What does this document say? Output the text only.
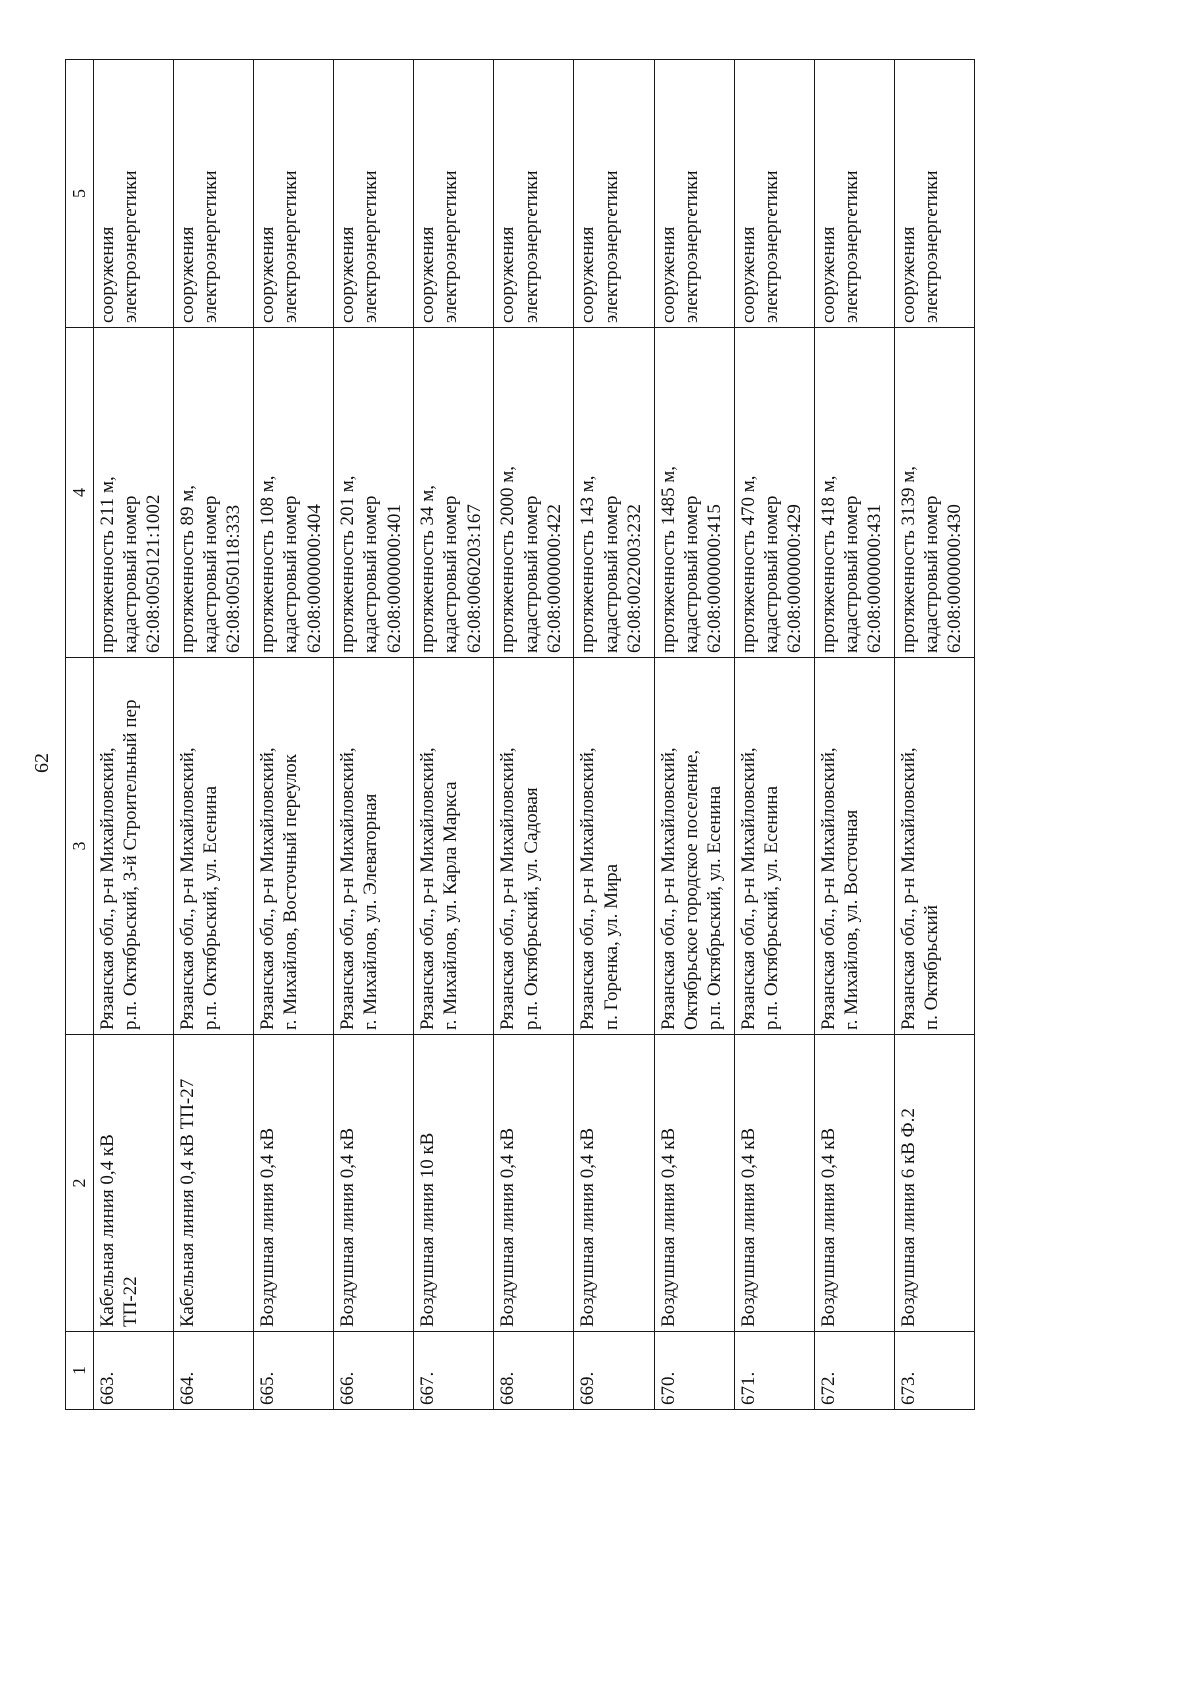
62
1	2	3	4	5
663.	Кабельная линия 0,4 кВ ТП-22	Рязанская обл., р-н Михайловский, р.п. Октябрьский, 3-й Строительный пер	протяженность 211 м, кадастровый номер 62:08:0050121:1002	сооружения электроэнергетики

664.	Кабельная линия 0,4 кВ ТП-27	Рязанская обл., р-н Михайловский, р.п. Октябрьский, ул. Есенина	протяженность 89 м, кадастровый номер 62:08:0050118:333	сооружения электроэнергетики

665.	Воздушная линия 0,4 кВ	Рязанская обл., р-н Михайловский, г. Михайлов, Восточный переулок	протяженность 108 м, кадастровый номер 62:08:0000000:404	сооружения электроэнергетики

666.	Воздушная линия 0,4 кВ	Рязанская обл., р-н Михайловский, г. Михайлов, ул. Элеваторная	протяженность 201 м, кадастровый номер 62:08:0000000:401	сооружения электроэнергетики

667.	Воздушная линия 10 кВ	Рязанская обл., р-н Михайловский, г. Михайлов, ул. Карла Маркса	протяженность 34 м, кадастровый номер 62:08:0060203:167	сооружения электроэнергетики

668.	Воздушная линия 0,4 кВ	Рязанская обл., р-н Михайловский, р.п. Октябрьский, ул. Садовая	протяженность 2000 м, кадастровый номер 62:08:0000000:422	сооружения электроэнергетики

669.	Воздушная линия 0,4 кВ	Рязанская обл., р-н Михайловский, п. Горенка, ул. Мира	протяженность 143 м, кадастровый номер 62:08:0022003:232	сооружения электроэнергетики

670.	Воздушная линия 0,4 кВ	Рязанская обл., р-н Михайловский, Октябрьское городское поселение, р.п. Октябрьский, ул. Есенина	протяженность 1485 м, кадастровый номер 62:08:0000000:415	сооружения электроэнергетики

671.	Воздушная линия 0,4 кВ	Рязанская обл., р-н Михайловский, р.п. Октябрьский, ул. Есенина	протяженность 470 м, кадастровый номер 62:08:0000000:429	сооружения электроэнергетики

672.	Воздушная линия 0,4 кВ	Рязанская обл., р-н Михайловский, г. Михайлов, ул. Восточная	протяженность 418 м, кадастровый номер 62:08:0000000:431	сооружения электроэнергетики

673.	Воздушная линия 6 кВ Ф.2	Рязанская обл., р-н Михайловский, п. Октябрьский	протяженность 3139 м, кадастровый номер 62:08:0000000:430	сооружения электроэнергетики
